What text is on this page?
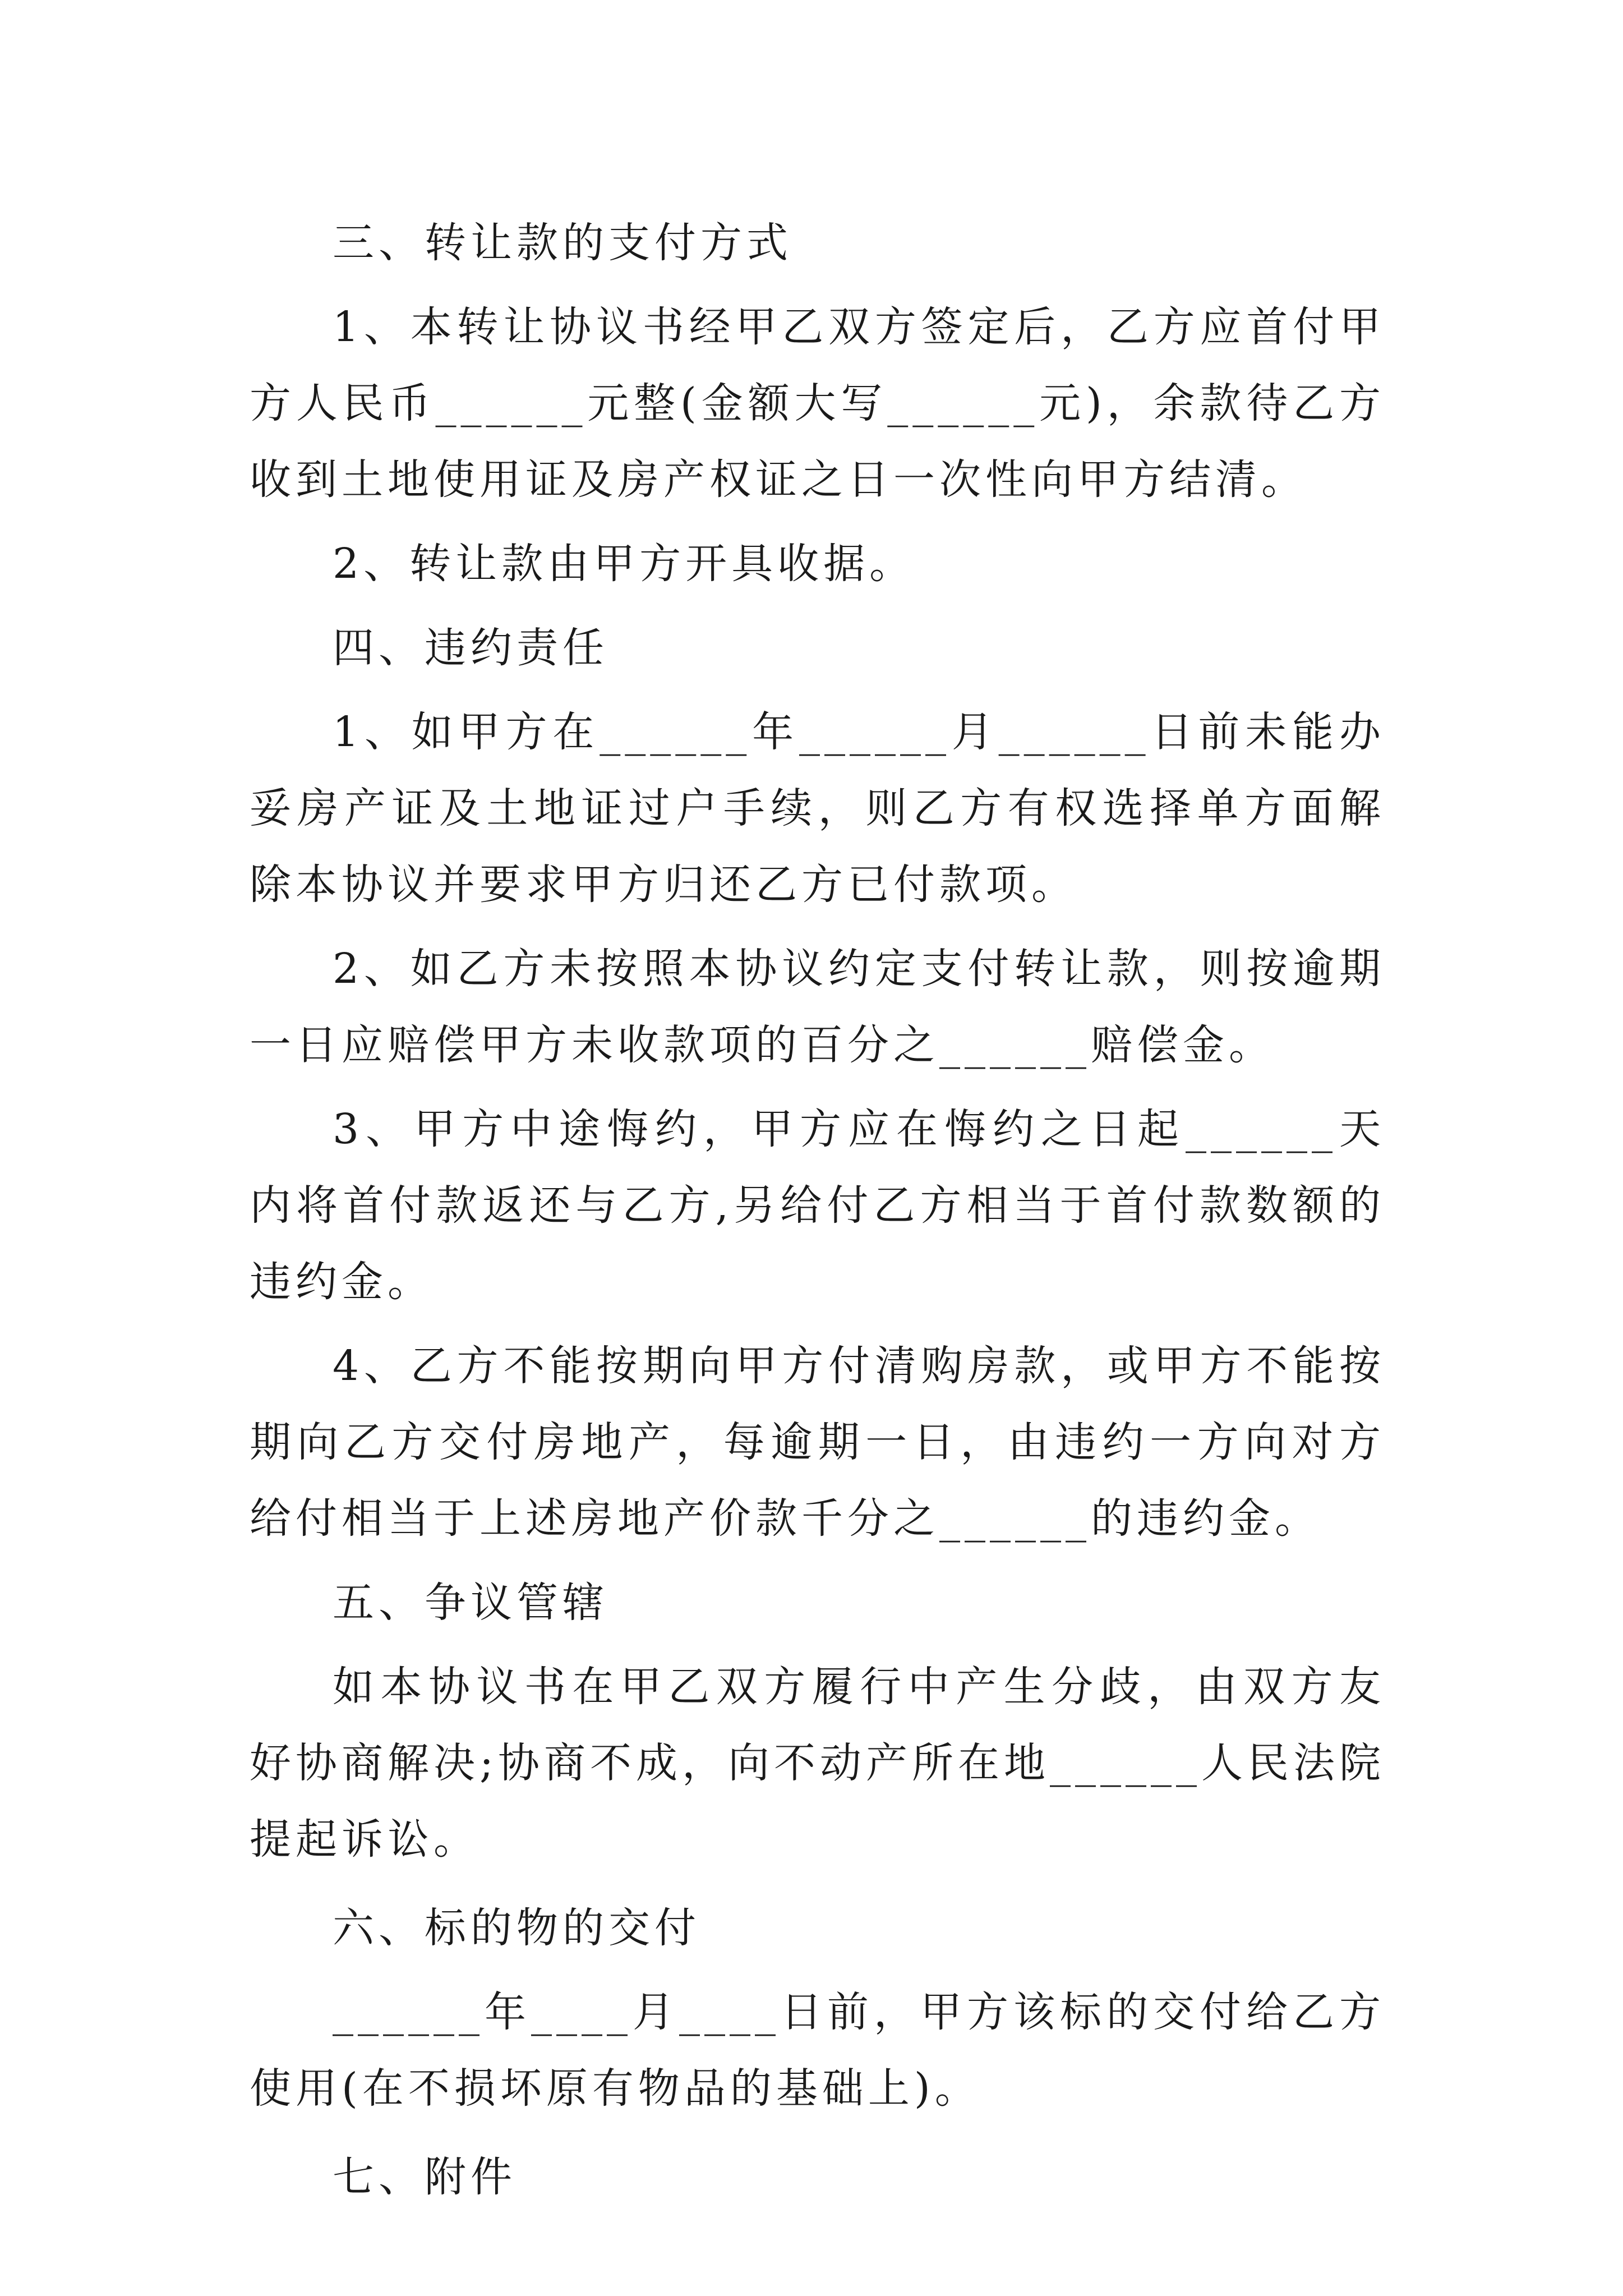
三、转让款的支付方式

1、本转让协议书经甲乙双方签定后，乙方应首付甲方人民币______元整(金额大写______元)，余款待乙方收到土地使用证及房产权证之日一次性向甲方结清。

2、转让款由甲方开具收据。

四、违约责任

1、如甲方在______年______月______日前未能办妥房产证及土地证过户手续，则乙方有权选择单方面解除本协议并要求甲方归还乙方已付款项。

2、如乙方未按照本协议约定支付转让款，则按逾期一日应赔偿甲方未收款项的百分之______赔偿金。

3、甲方中途悔约，甲方应在悔约之日起______天内将首付款返还与乙方,另给付乙方相当于首付款数额的违约金。

4、乙方不能按期向甲方付清购房款，或甲方不能按期向乙方交付房地产，每逾期一日，由违约一方向对方给付相当于上述房地产价款千分之______的违约金。

五、争议管辖

如本协议书在甲乙双方履行中产生分歧，由双方友好协商解决;协商不成，向不动产所在地______人民法院提起诉讼。

六、标的物的交付

______年____月____日前，甲方该标的交付给乙方使用(在不损坏原有物品的基础上)。

七、附件
